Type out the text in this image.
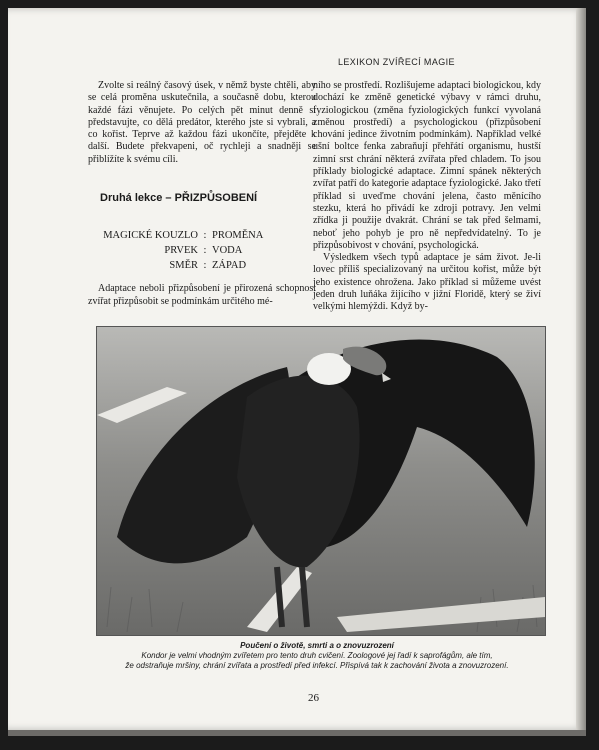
LEXIKON ZVÍŘECÍ MAGIE

Zvolte si reálný časový úsek, v němž byste chtěli, aby se celá proměna uskutečnila, a současně dobu, kterou každé fázi věnujete. Po celých pět minut denně si představujte, co dělá predátor, kterého jste si vybrali, a co kořist. Teprve až každou fázi ukončíte, přejděte k další. Budete překvapeni, oč rychleji a snadněji se přiblížíte k svému cíli.

Druhá lekce – PŘIZPŮSOBENÍ
MAGICKÉ KOUZLO : PROMĚNA
PRVEK : VODA
SMĚR : ZÁPAD

Adaptace neboli přizpůsobení je přirozená schopnost zvířat přizpůsobit se podmínkám určitého mé-

ního se prostředí. Rozlišujeme adaptaci biologickou, kdy dochází ke změně genetické výbavy v rámci druhu, fyziologickou (změna fyziologických funkcí vyvolaná změnou prostředí) a psychologickou (přizpůsobení chování jedince životním podmínkám). Například velké ušní boltce fenka zabraňují přehřátí organismu, hustší zimní srst chrání některá zvířata před chladem. To jsou příklady biologické adaptace. Zimní spánek některých zvířat patří do kategorie adaptace fyziologické. Jako třetí příklad si uveďme chování jelena, často měnícího stezku, která ho přivádí ke zdroji potravy. Jen velmi zřídka ji použije dvakrát. Chrání se tak před šelmami, neboť jeho pohyb je pro ně nepředvídatelný. To je přizpůsobivost v chování, psychologická.

Výsledkem všech typů adaptace je sám život. Je-li lovec příliš specializovaný na určitou kořist, může být jeho existence ohrožena. Jako příklad si můžeme uvést jeden druh luňáka žijícího v jižní Floridě, který se živí velkými hlemýždi. Když by-

Poučení o životě, smrti a o znovuzrození
Kondor je velmi vhodným zvířetem pro tento druh cvičení. Zoologové jej řadí k saprofágům, ale tím,
že odstraňuje mršiny, chrání zvířata a prostředí před infekcí. Přispívá tak k zachování života a znovuzrození.
26
